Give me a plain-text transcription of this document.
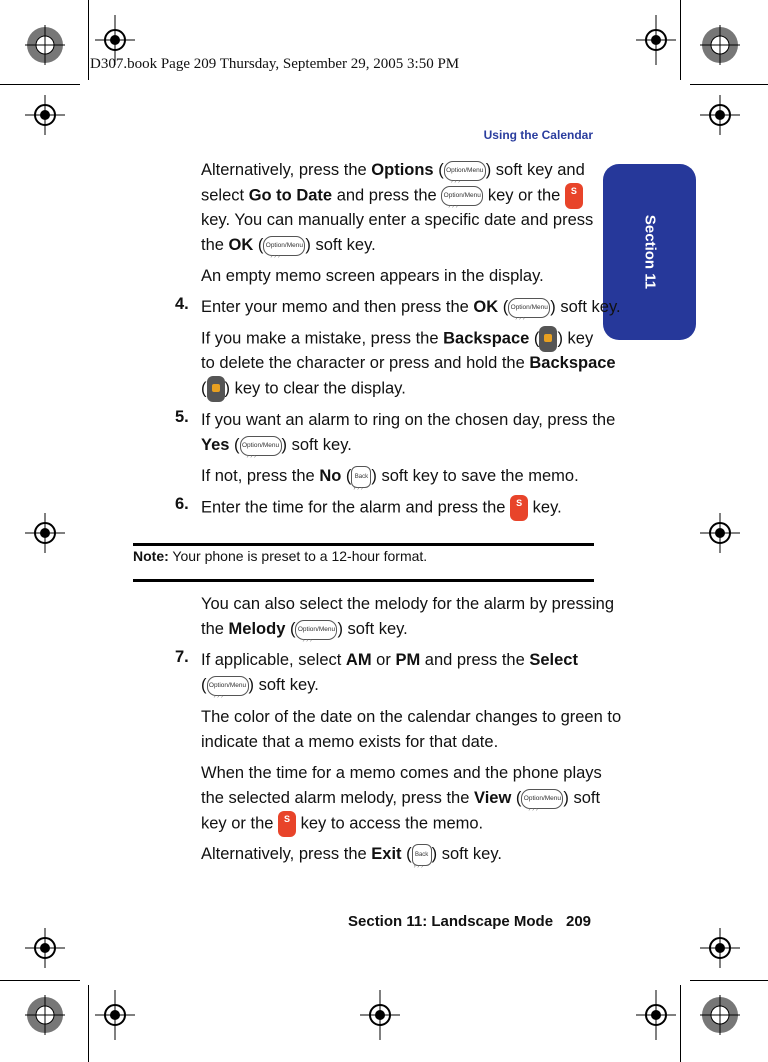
D307.book Page 209 Thursday, September 29, 2005 3:50 PM
Using the Calendar
Section 11
Alternatively, press the Options ( Option/Menu › › › ) soft key and
select Go to Date and press the Option/Menu › › › key or the S
key. You can manually enter a specific date and press
the OK ( Option/Menu › › › ) soft key.
An empty memo screen appears in the display.
4. Enter your memo and then press the OK ( Option/Menu › › › ) soft key.
If you make a mistake, press the Backspace ( ) key
to delete the character or press and hold the Backspace
( ) key to clear the display.
5. If you want an alarm to ring on the chosen day, press the
Yes ( Option/Menu › › › ) soft key.
If not, press the No ( Back › › › ) soft key to save the memo.
6. Enter the time for the alarm and press the S key.
Note: Your phone is preset to a 12-hour format.
You can also select the melody for the alarm by pressing
the Melody ( Option/Menu › › › ) soft key.
7. If applicable, select AM or PM and press the Select
( Option/Menu › › › ) soft key.
The color of the date on the calendar changes to green to
indicate that a memo exists for that date.
When the time for a memo comes and the phone plays
the selected alarm melody, press the View ( Option/Menu › › › ) soft
key or the S key to access the memo.
Alternatively, press the Exit ( Back › › › ) soft key.
Section 11: Landscape Mode 209
